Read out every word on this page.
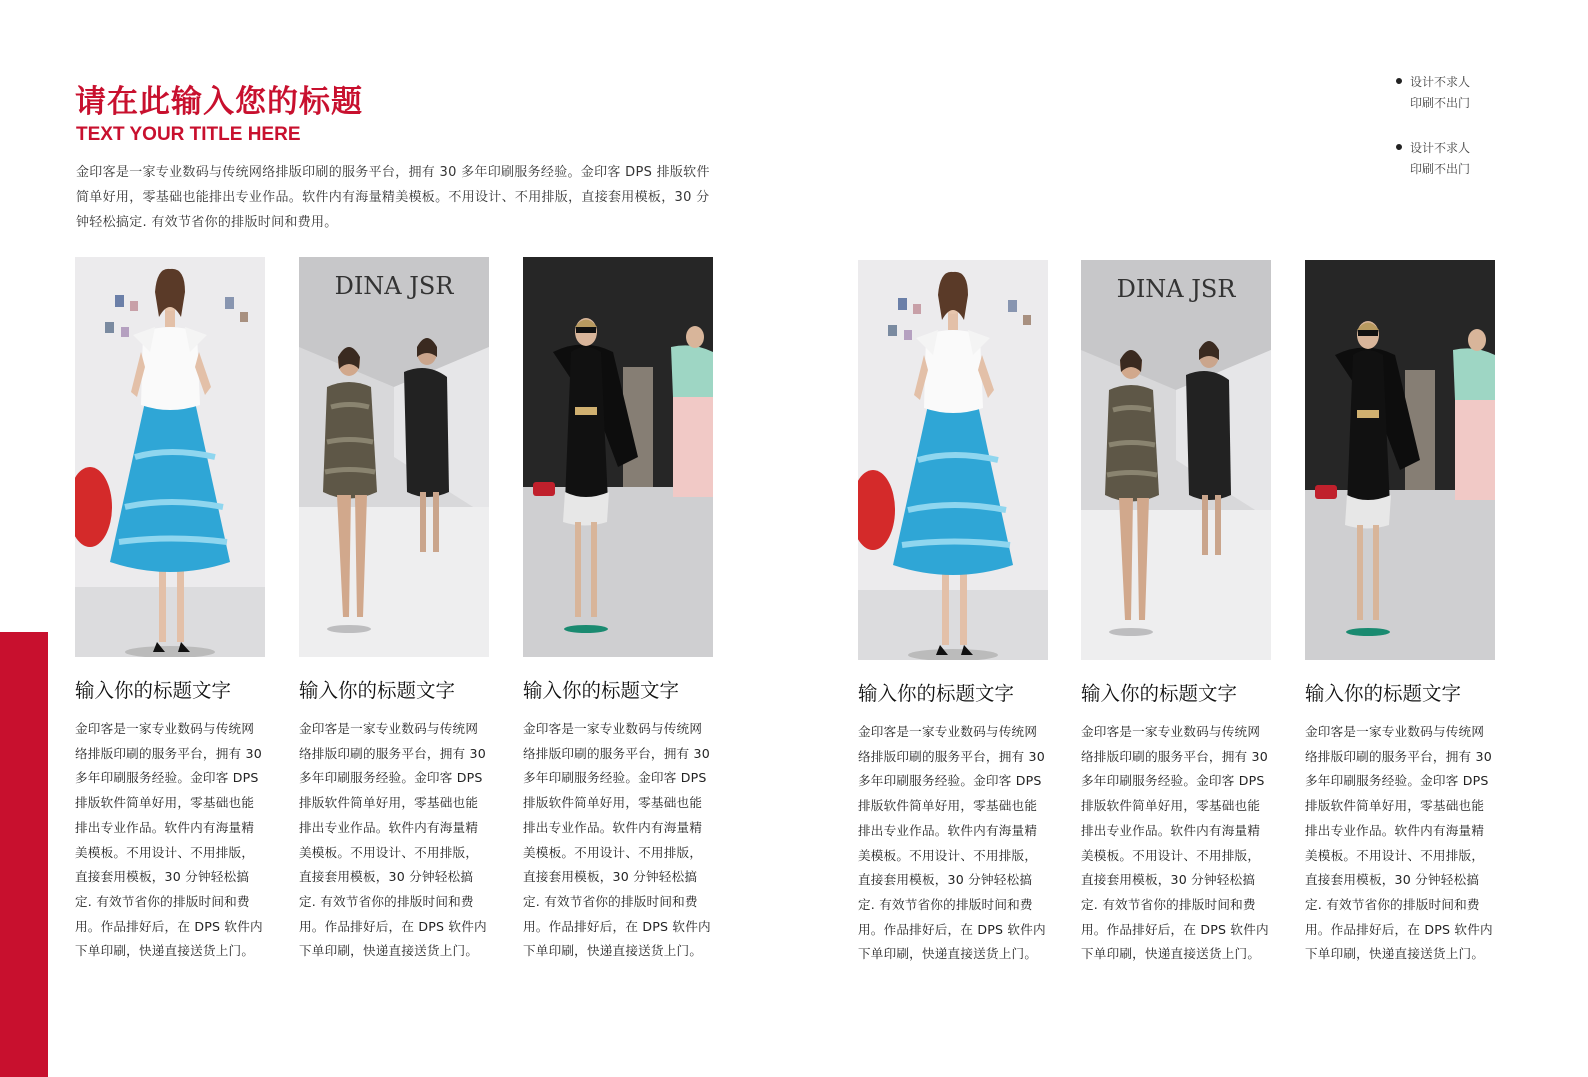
请在此输入您的标题
TEXT YOUR TITLE HERE

金印客是一家专业数码与传统网络排版印刷的服务平台，拥有 30 多年印刷服务经验。金印客 DPS 排版软件简单好用，零基础也能排出专业作品。软件内有海量精美模板。不用设计、不用排版，直接套用模板，30 分钟轻松搞定. 有效节省你的排版时间和费用。

设计不求人
印刷不出门
设计不求人
印刷不出门
输入你的标题文字

金印客是一家专业数码与传统网络排版印刷的服务平台，拥有 30 多年印刷服务经验。金印客 DPS 排版软件简单好用，零基础也能排出专业作品。软件内有海量精美模板。不用设计、不用排版，直接套用模板，30 分钟轻松搞定. 有效节省你的排版时间和费用。作品排好后，在 DPS 软件内下单印刷，快递直接送货上门。

DINA JSR
输入你的标题文字

金印客是一家专业数码与传统网络排版印刷的服务平台，拥有 30 多年印刷服务经验。金印客 DPS 排版软件简单好用，零基础也能排出专业作品。软件内有海量精美模板。不用设计、不用排版，直接套用模板，30 分钟轻松搞定. 有效节省你的排版时间和费用。作品排好后，在 DPS 软件内下单印刷，快递直接送货上门。

输入你的标题文字

金印客是一家专业数码与传统网络排版印刷的服务平台，拥有 30 多年印刷服务经验。金印客 DPS 排版软件简单好用，零基础也能排出专业作品。软件内有海量精美模板。不用设计、不用排版，直接套用模板，30 分钟轻松搞定. 有效节省你的排版时间和费用。作品排好后，在 DPS 软件内下单印刷，快递直接送货上门。

输入你的标题文字

金印客是一家专业数码与传统网络排版印刷的服务平台，拥有 30 多年印刷服务经验。金印客 DPS 排版软件简单好用，零基础也能排出专业作品。软件内有海量精美模板。不用设计、不用排版，直接套用模板，30 分钟轻松搞定. 有效节省你的排版时间和费用。作品排好后，在 DPS 软件内下单印刷，快递直接送货上门。

DINA JSR
输入你的标题文字

金印客是一家专业数码与传统网络排版印刷的服务平台，拥有 30 多年印刷服务经验。金印客 DPS 排版软件简单好用，零基础也能排出专业作品。软件内有海量精美模板。不用设计、不用排版，直接套用模板，30 分钟轻松搞定. 有效节省你的排版时间和费用。作品排好后，在 DPS 软件内下单印刷，快递直接送货上门。

输入你的标题文字

金印客是一家专业数码与传统网络排版印刷的服务平台，拥有 30 多年印刷服务经验。金印客 DPS 排版软件简单好用，零基础也能排出专业作品。软件内有海量精美模板。不用设计、不用排版，直接套用模板，30 分钟轻松搞定. 有效节省你的排版时间和费用。作品排好后，在 DPS 软件内下单印刷，快递直接送货上门。
